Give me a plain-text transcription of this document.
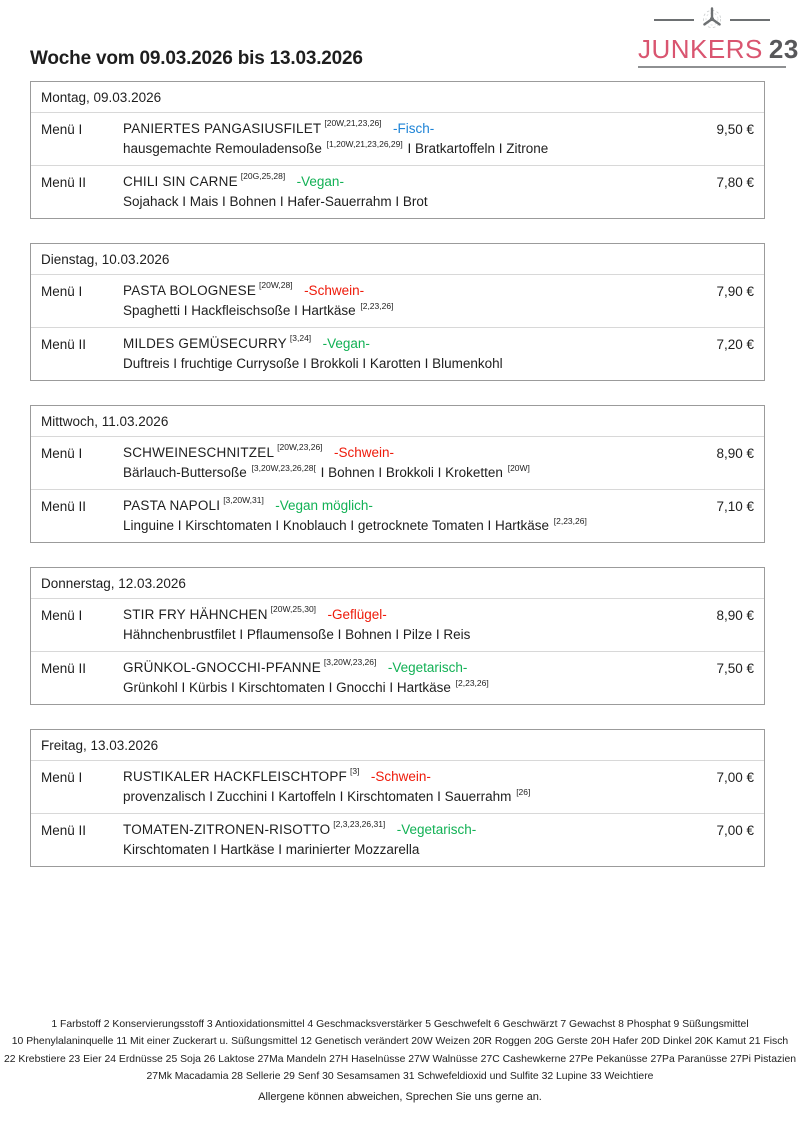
Woche vom 09.03.2026 bis 13.03.2026	JUNKERS 23
Montag, 09.03.2026
Menü I	PANIERTES PANGASIUSFILET [20W,21,23,26] -Fisch-
hausgemachte Remouladensoße [1,20W,21,23,26,29] I Bratkartoffeln I Zitrone
9,50 €
Menü II	CHILI SIN CARNE [20G,25,28] -Vegan-
Sojahack I Mais I Bohnen I Hafer-Sauerrahm I Brot
7,80 €
Dienstag, 10.03.2026
Menü I	PASTA BOLOGNESE [20W,28] -Schwein-
Spaghetti I Hackfleischsoße I Hartkäse [2,23,26]
7,90 €
Menü II	MILDES GEMÜSECURRY [3,24] -Vegan-
Duftreis I fruchtige Currysoße I Brokkoli I Karotten I Blumenkohl
7,20 €
Mittwoch, 11.03.2026
Menü I	SCHWEINESCHNITZEL [20W,23,26] -Schwein-
Bärlauch-Buttersoße $^{[3,20W,23,26,28[}$ I Bohnen I Brokkoli I Kroketten [20W]
8,90 €
Menü II	PASTA NAPOLI [3,20W,31] -Vegan möglich-
Linguine I Kirschtomaten I Knoblauch I getrocknete Tomaten I Hartkäse [2,23,26]
7,10 €
Donnerstag, 12.03.2026
Menü I	STIR FRY HÄHNCHEN [20W,25,30] -Geflügel-
Hähnchenbrustfilet I Pflaumensoße I Bohnen I Pilze I Reis
8,90 €
Menü II	GRÜNKOL-GNOCCHI-PFANNE [3,20W,23,26] -Vegetarisch-
Grünkohl I Kürbis I Kirschtomaten I Gnocchi I Hartkäse [2,23,26]
7,50 €
Freitag, 13.03.2026
Menü I	RUSTIKALER HACKFLEISCHTOPF [3] -Schwein-
provenzalisch I Zucchini I Kartoffeln I Kirschtomaten I Sauerrahm [26]
7,00 €
Menü II	TOMATEN-ZITRONEN-RISOTTO [2,3,23,26,31] -Vegetarisch-
Kirschtomaten I Hartkäse I marinierter Mozzarella
7,00 €
1 Farbstoff 2 Konservierungsstoff 3 Antioxidationsmittel 4 Geschmacksverstärker 5 Geschwefelt 6 Geschwärzt 7 Gewachst 8 Phosphat 9 Süßungsmittel
10 Phenylalaninquelle 11 Mit einer Zuckerart u. Süßungsmittel 12 Genetisch verändert 20W Weizen 20R Roggen 20G Gerste 20H Hafer 20D Dinkel 20K Kamut 21 Fisch
22 Krebstiere 23 Eier 24 Erdnüsse 25 Soja 26 Laktose 27Ma Mandeln 27H Haselnüsse 27W Walnüsse 27C Cashewkerne 27Pe Pekanüsse 27Pa Paranüsse 27Pi Pistazien
27Mk Macadamia 28 Sellerie 29 Senf 30 Sesamsamen 31 Schwefeldioxid und Sulfite 32 Lupine 33 Weichtiere
Allergene können abweichen, Sprechen Sie uns gerne an.
